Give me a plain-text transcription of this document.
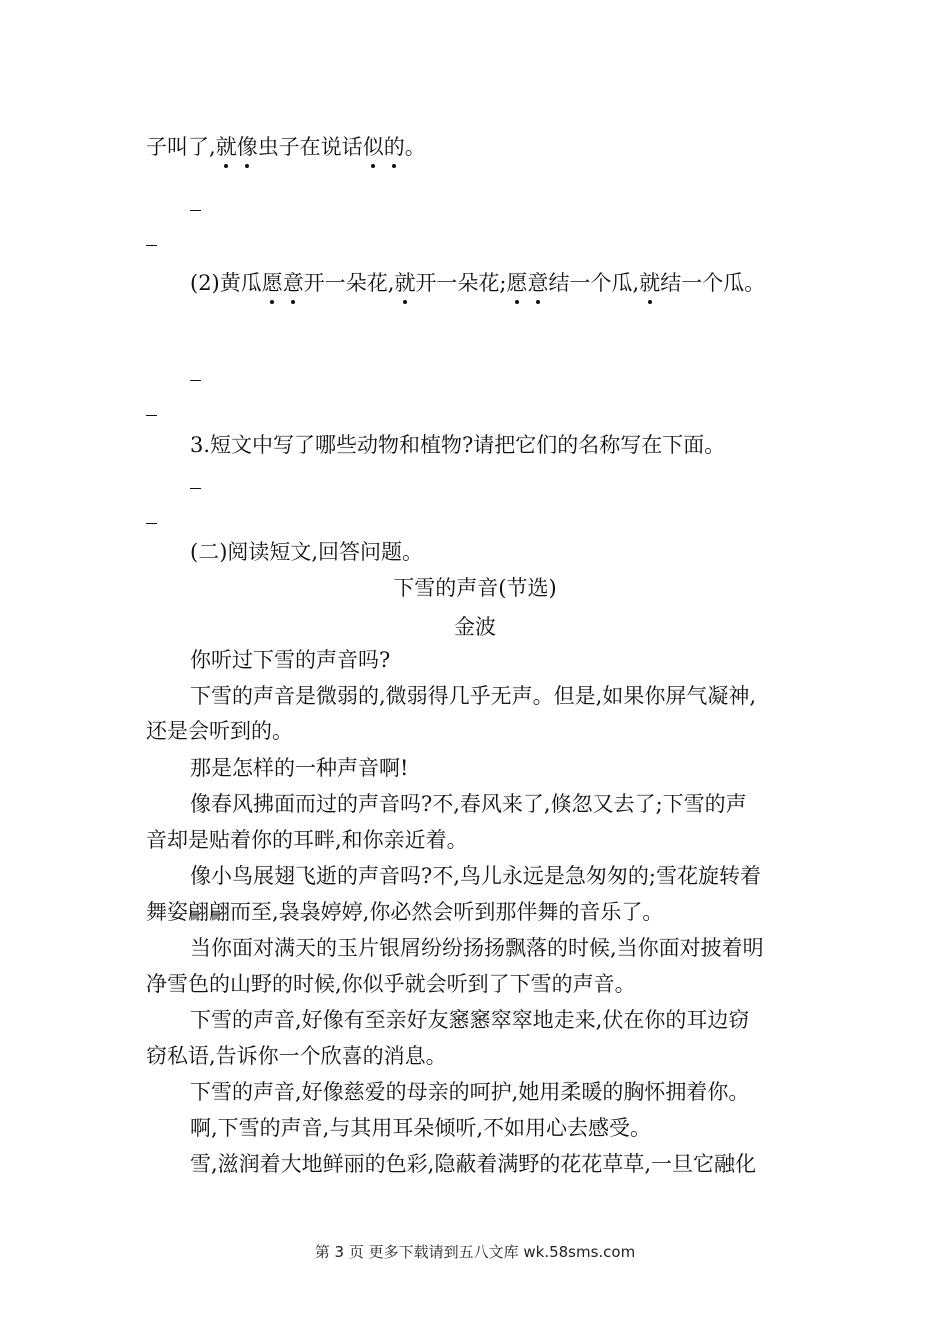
子叫了,就像虫子在说话似的。
(2)黄瓜愿意开一朵花,就开一朵花;愿意结一个瓜,就结一个瓜。
3.短文中写了哪些动物和植物?请把它们的名称写在下面。
(二)阅读短文,回答问题。
下雪的声音(节选)
金波
你听过下雪的声音吗?
下雪的声音是微弱的,微弱得几乎无声。但是,如果你屏气凝神,
还是会听到的。
那是怎样的一种声音啊!
像春风拂面而过的声音吗?不,春风来了,倏忽又去了;下雪的声
音却是贴着你的耳畔,和你亲近着。
像小鸟展翅飞逝的声音吗?不,鸟儿永远是急匆匆的;雪花旋转着
舞姿翩翩而至,袅袅婷婷,你必然会听到那伴舞的音乐了。
当你面对满天的玉片银屑纷纷扬扬飘落的时候,当你面对披着明
净雪色的山野的时候,你似乎就会听到了下雪的声音。
下雪的声音,好像有至亲好友窸窸窣窣地走来,伏在你的耳边窃
窃私语,告诉你一个欣喜的消息。
下雪的声音,好像慈爱的母亲的呵护,她用柔暖的胸怀拥着你。
啊,下雪的声音,与其用耳朵倾听,不如用心去感受。
雪,滋润着大地鲜丽的色彩,隐蔽着满野的花花草草,一旦它融化
第 3 页 更多下载请到五八文库 wk.58sms.com
